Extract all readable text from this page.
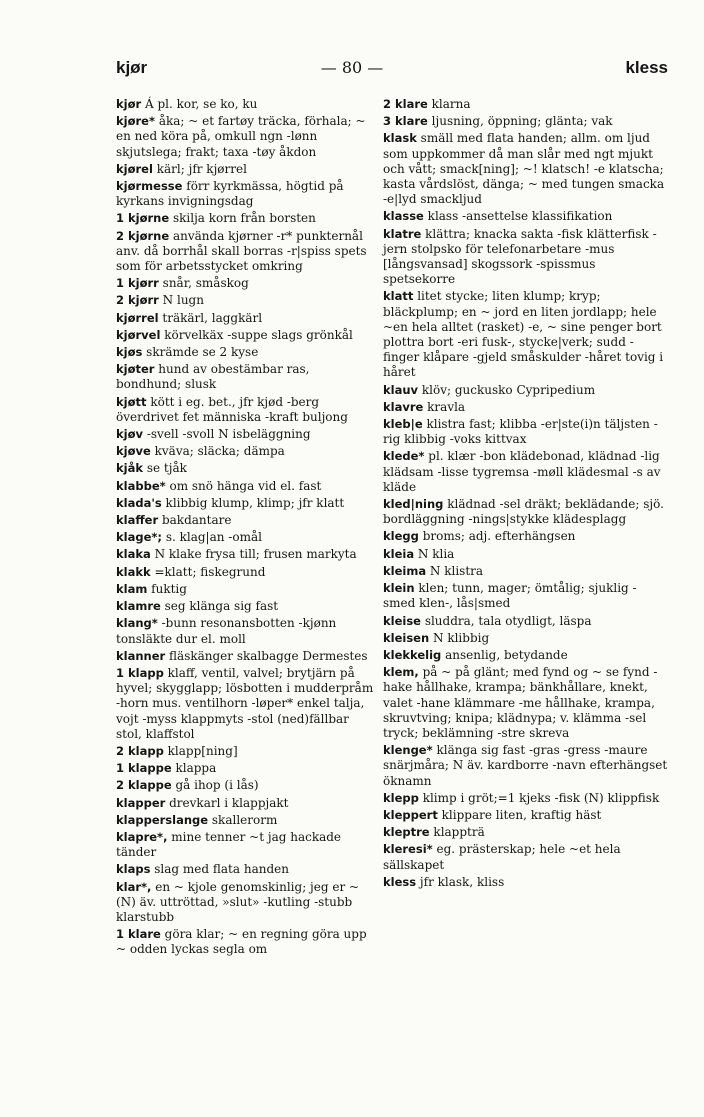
kjør	— 80 —	kless
kjør Á pl. kor, se ko, ku
kjøre* åka; ~ et fartøy träcka, förhala; ~ en ned köra på, omkull ngn -lønn skjutslega; frakt; taxa -tøy åkdon
kjørel kärl; jfr kjørrel
kjørmesse förr kyrkmässa, högtid på kyrkans invigningsdag
1 kjørne skilja korn från borsten
2 kjørne använda kjørner -r* punkternål anv. då borrhål skall borras -r|spiss spets som för arbetsstycket omkring
1 kjørr snår, småskog
2 kjørr N lugn
kjørrel träkärl, laggkärl
kjørvel körvelkäx -suppe slags grönkål
kjøs skrämde se 2 kyse
kjøter hund av obestämbar ras, bondhund; slusk
kjøtt kött i eg. bet., jfr kjød -berg överdrivet fet människa -kraft buljong
kjøv -svell -svoll N isbeläggning
kjøve kväva; släcka; dämpa
kjåk se tjåk
klabbe* om snö hänga vid el. fast
klada's klibbig klump, klimp; jfr klatt
klaffer bakdantare
klage*; s. klag|an -omål
klaka N klake frysa till; frusen markyta
klakk =klatt; fiskegrund
klam fuktig
klamre seg klänga sig fast
klang* -bunn resonansbotten -kjønn tonsläkte dur el. moll
klanner fläskänger skalbagge Dermestes
1 klapp klaff, ventil, valvel; brytjärn på hyvel; skygglapp; lösbotten i mudderpråm -horn mus. ventilhorn -løper* enkel talja, vojt -myss klappmyts -stol (ned)fällbar stol, klaffstol
2 klapp klapp[ning]
1 klappe klappa
2 klappe gå ihop (i lås)
klapper drevkarl i klappjakt
klapperslange skallerorm
klapre*, mine tenner ~t jag hackade tänder
klaps slag med flata handen
klar*, en ~ kjole genomskinlig; jeg er ~ (N) äv. uttröttad, »slut» -kutling -stubb klarstubb
1 klare göra klar; ~ en regning göra upp ~ odden lyckas segla om
2 klare klarna
3 klare ljusning, öppning; glänta; vak
klask smäll med flata handen; allm. om ljud som uppkommer då man slår med ngt mjukt och vått; smack[ning]; ~! klatsch! -e klatscha; kasta vårdslöst, dänga; ~ med tungen smacka -e|lyd smackljud
klasse klass -ansettelse klassifikation
klatre klättra; knacka sakta -fisk klätterfisk -jern stolpsko för telefonarbetare -mus [långsvansad] skogssork -spissmus spetsekorre
klatt litet stycke; liten klump; kryp; bläckplump; en ~ jord en liten jordlapp; hele ~en hela alltet (rasket) -e, ~ sine penger bort plottra bort -eri fusk-, stycke|verk; sudd -finger klåpare -gjeld småskulder -håret tovig i håret
klauv klöv; guckusko Cypripedium
klavre kravla
kleb|e klistra fast; klibba -er|ste(i)n täljsten -rig klibbig -voks kittvax
klede* pl. klær -bon klädebonad, klädnad -lig klädsam -lisse tygremsa -møll klädesmal -s av kläde
kled|ning klädnad -sel dräkt; beklädande; sjö. bordläggning -nings|stykke klädesplagg
klegg broms; adj. efterhängsen
kleia N klia
kleima N klistra
klein klen; tunn, mager; ömtålig; sjuklig -smed klen-, lås|smed
kleise sluddra, tala otydligt, läspa
kleisen N klibbig
klekkelig ansenlig, betydande
klem, på ~ på glänt; med fynd og ~ se fynd -hake hållhake, krampa; bänkhållare, knekt, valet -hane klämmare -me hållhake, krampa, skruvtving; knipa; klädnypa; v. klämma -sel tryck; beklämning -stre skreva
klenge* klänga sig fast -gras -gress -maure snärjmåra; N äv. kardborre -navn efterhängset öknamn
klepp klimp i gröt;=1 kjeks -fisk (N) klippfisk
kleppert klippare liten, kraftig häst
kleptre klappträ
kleresi* eg. prästerskap; hele ~et hela sällskapet
kless jfr klask, kliss
